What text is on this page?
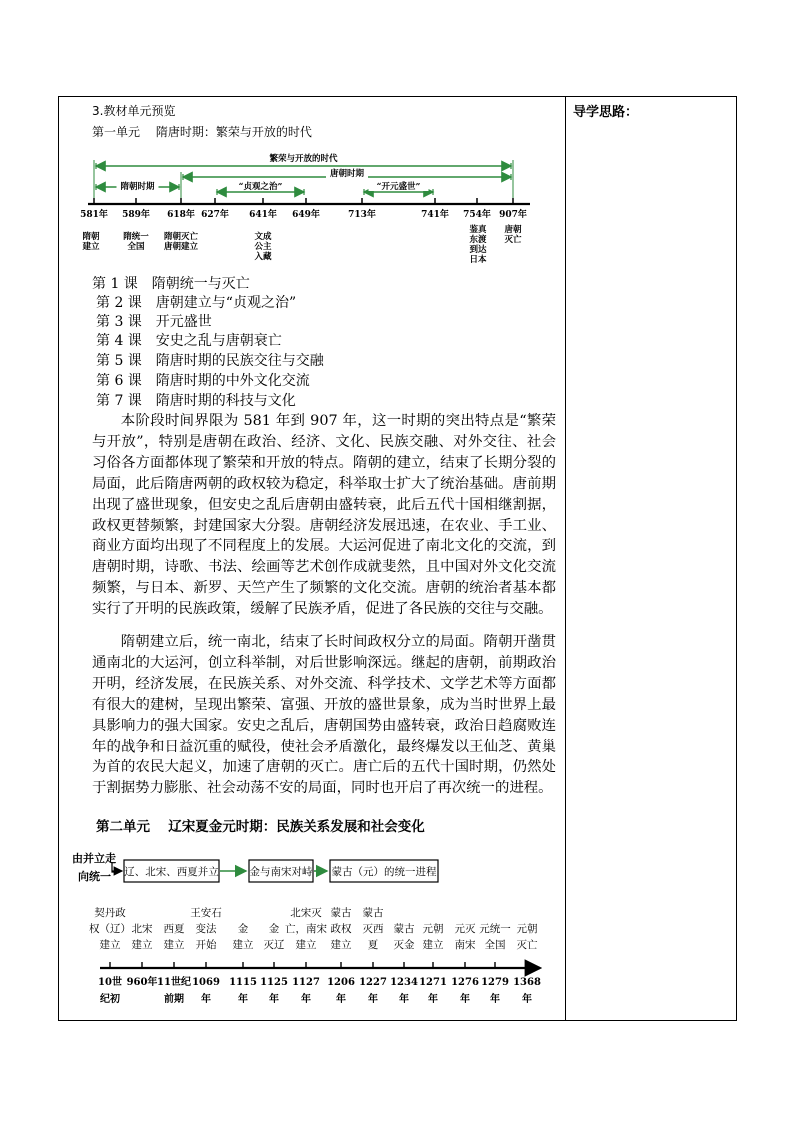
导学思路：
3.教材单元预览
第一单元　 隋唐时期：繁荣与开放的时代
繁荣与开放的时代
唐朝时期
隋朝时期	“贞观之治”	“开元盛世”
581年 589年 618年 627年 641年 649年	713年	741年 754年 907年
隋朝
建立
隋统一
全国
隋朝灭亡
唐朝建立
文成
公主
入藏
鉴真
东渡
到达
日本
唐朝
灭亡
第 1 课　隋朝统一与灭亡
第 2 课　唐朝建立与“贞观之治”
第 3 课　开元盛世
第 4 课　安史之乱与唐朝衰亡
第 5 课　隋唐时期的民族交往与交融
第 6 课　隋唐时期的中外文化交流
第 7 课　隋唐时期的科技与文化

本阶段时间界限为 581 年到 907 年，这一时期的突出特点是“繁荣与开放”，特别是唐朝在政治、经济、文化、民族交融、对外交往、社会习俗各方面都体现了繁荣和开放的特点。隋朝的建立，结束了长期分裂的局面，此后隋唐两朝的政权较为稳定，科举取士扩大了统治基础。唐前期出现了盛世现象，但安史之乱后唐朝由盛转衰，此后五代十国相继割据，政权更替频繁，封建国家大分裂。唐朝经济发展迅速，在农业、手工业、商业方面均出现了不同程度上的发展。大运河促进了南北文化的交流，到唐朝时期，诗歌、书法、绘画等艺术创作成就斐然，且中国对外文化交流频繁，与日本、新罗、天竺产生了频繁的文化交流。唐朝的统治者基本都实行了开明的民族政策，缓解了民族矛盾，促进了各民族的交往与交融。

隋朝建立后，统一南北，结束了长时间政权分立的局面。隋朝开凿贯通南北的大运河，创立科举制，对后世影响深远。继起的唐朝，前期政治开明，经济发展，在民族关系、对外交流、科学技术、文学艺术等方面都有很大的建树，呈现出繁荣、富强、开放的盛世景象，成为当时世界上最具影响力的强大国家。安史之乱后，唐朝国势由盛转衰，政治日趋腐败连年的战争和日益沉重的赋役，使社会矛盾激化，最终爆发以王仙芝、黄巢为首的农民大起义，加速了唐朝的灭亡。唐亡后的五代十国时期，仍然处于割据势力膨胀、社会动荡不安的局面，同时也开启了再次统一的进程。

第二单元　 辽宋夏金元时期：民族关系发展和社会变化
由并立走
向统一 辽、北宋、西夏并立	金与南宋对峙 蒙古（元）的统一进程
契丹政
权（辽）
建立
北宋
建立
西夏
建立
王安石
变法
开始
金
建立
金
灭辽
北宋灭
亡，南宋
建立
蒙古
政权
建立
蒙古
灭西
夏
蒙古
灭金
元朝
建立
元灭
南宋
元统一
全国
元朝
灭亡
10世
纪初
960年 11世纪
前期
1069
年
1115
年
1125
年
1127
年
1206
年
1227
年
1234
年
1271
年
1276
年
1279
年
1368
年
